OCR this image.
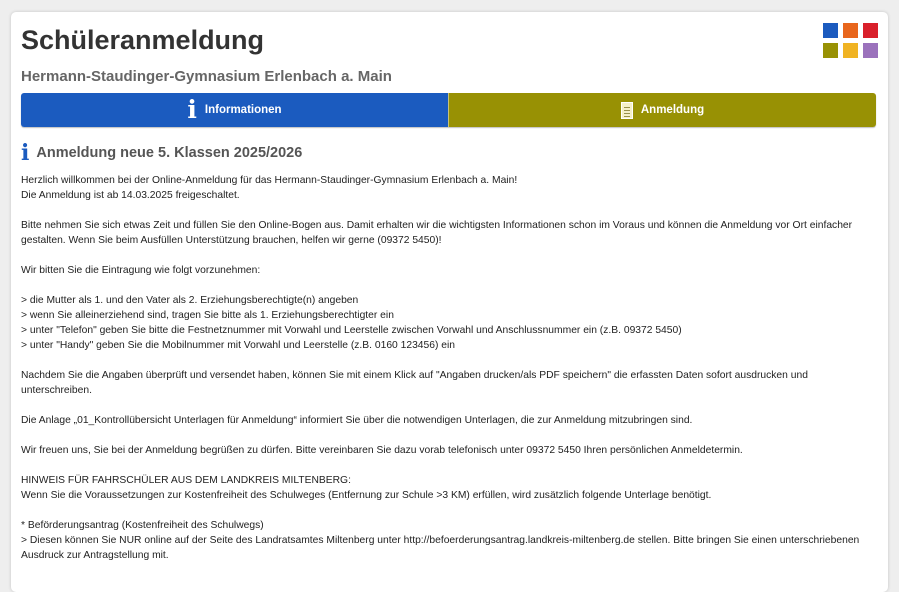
Schüleranmeldung
Hermann-Staudinger-Gymnasium Erlenbach a. Main
i Informationen	Anmeldung
i Anmeldung neue 5. Klassen 2025/2026

Herzlich willkommen bei der Online-Anmeldung für das Hermann-Staudinger-Gymnasium Erlenbach a. Main!
Die Anmeldung ist ab 14.03.2025 freigeschaltet.

Bitte nehmen Sie sich etwas Zeit und füllen Sie den Online-Bogen aus. Damit erhalten wir die wichtigsten Informationen schon im Voraus und können die Anmeldung vor Ort einfacher gestalten. Wenn Sie beim Ausfüllen Unterstützung brauchen, helfen wir gerne (09372 5450)!

Wir bitten Sie die Eintragung wie folgt vorzunehmen:

> die Mutter als 1. und den Vater als 2. Erziehungsberechtigte(n) angeben
> wenn Sie alleinerziehend sind, tragen Sie bitte als 1. Erziehungsberechtigter ein
> unter "Telefon" geben Sie bitte die Festnetznummer mit Vorwahl und Leerstelle zwischen Vorwahl und Anschlussnummer ein (z.B. 09372 5450)
> unter "Handy" geben Sie die Mobilnummer mit Vorwahl und Leerstelle (z.B. 0160 123456) ein

Nachdem Sie die Angaben überprüft und versendet haben, können Sie mit einem Klick auf "Angaben drucken/als PDF speichern" die erfassten Daten sofort ausdrucken und unterschreiben.

Die Anlage „01_Kontrollübersicht Unterlagen für Anmeldung“ informiert Sie über die notwendigen Unterlagen, die zur Anmeldung mitzubringen sind.

Wir freuen uns, Sie bei der Anmeldung begrüßen zu dürfen. Bitte vereinbaren Sie dazu vorab telefonisch unter 09372 5450 Ihren persönlichen Anmeldetermin.

HINWEIS FÜR FAHRSCHÜLER AUS DEM LANDKREIS MILTENBERG:
Wenn Sie die Voraussetzungen zur Kostenfreiheit des Schulweges (Entfernung zur Schule >3 KM) erfüllen, wird zusätzlich folgende Unterlage benötigt.

* Beförderungsantrag (Kostenfreiheit des Schulwegs)
> Diesen können Sie NUR online auf der Seite des Landratsamtes Miltenberg unter http://befoerderungsantrag.landkreis-miltenberg.de stellen. Bitte bringen Sie einen unterschriebenen Ausdruck zur Antragstellung mit.
